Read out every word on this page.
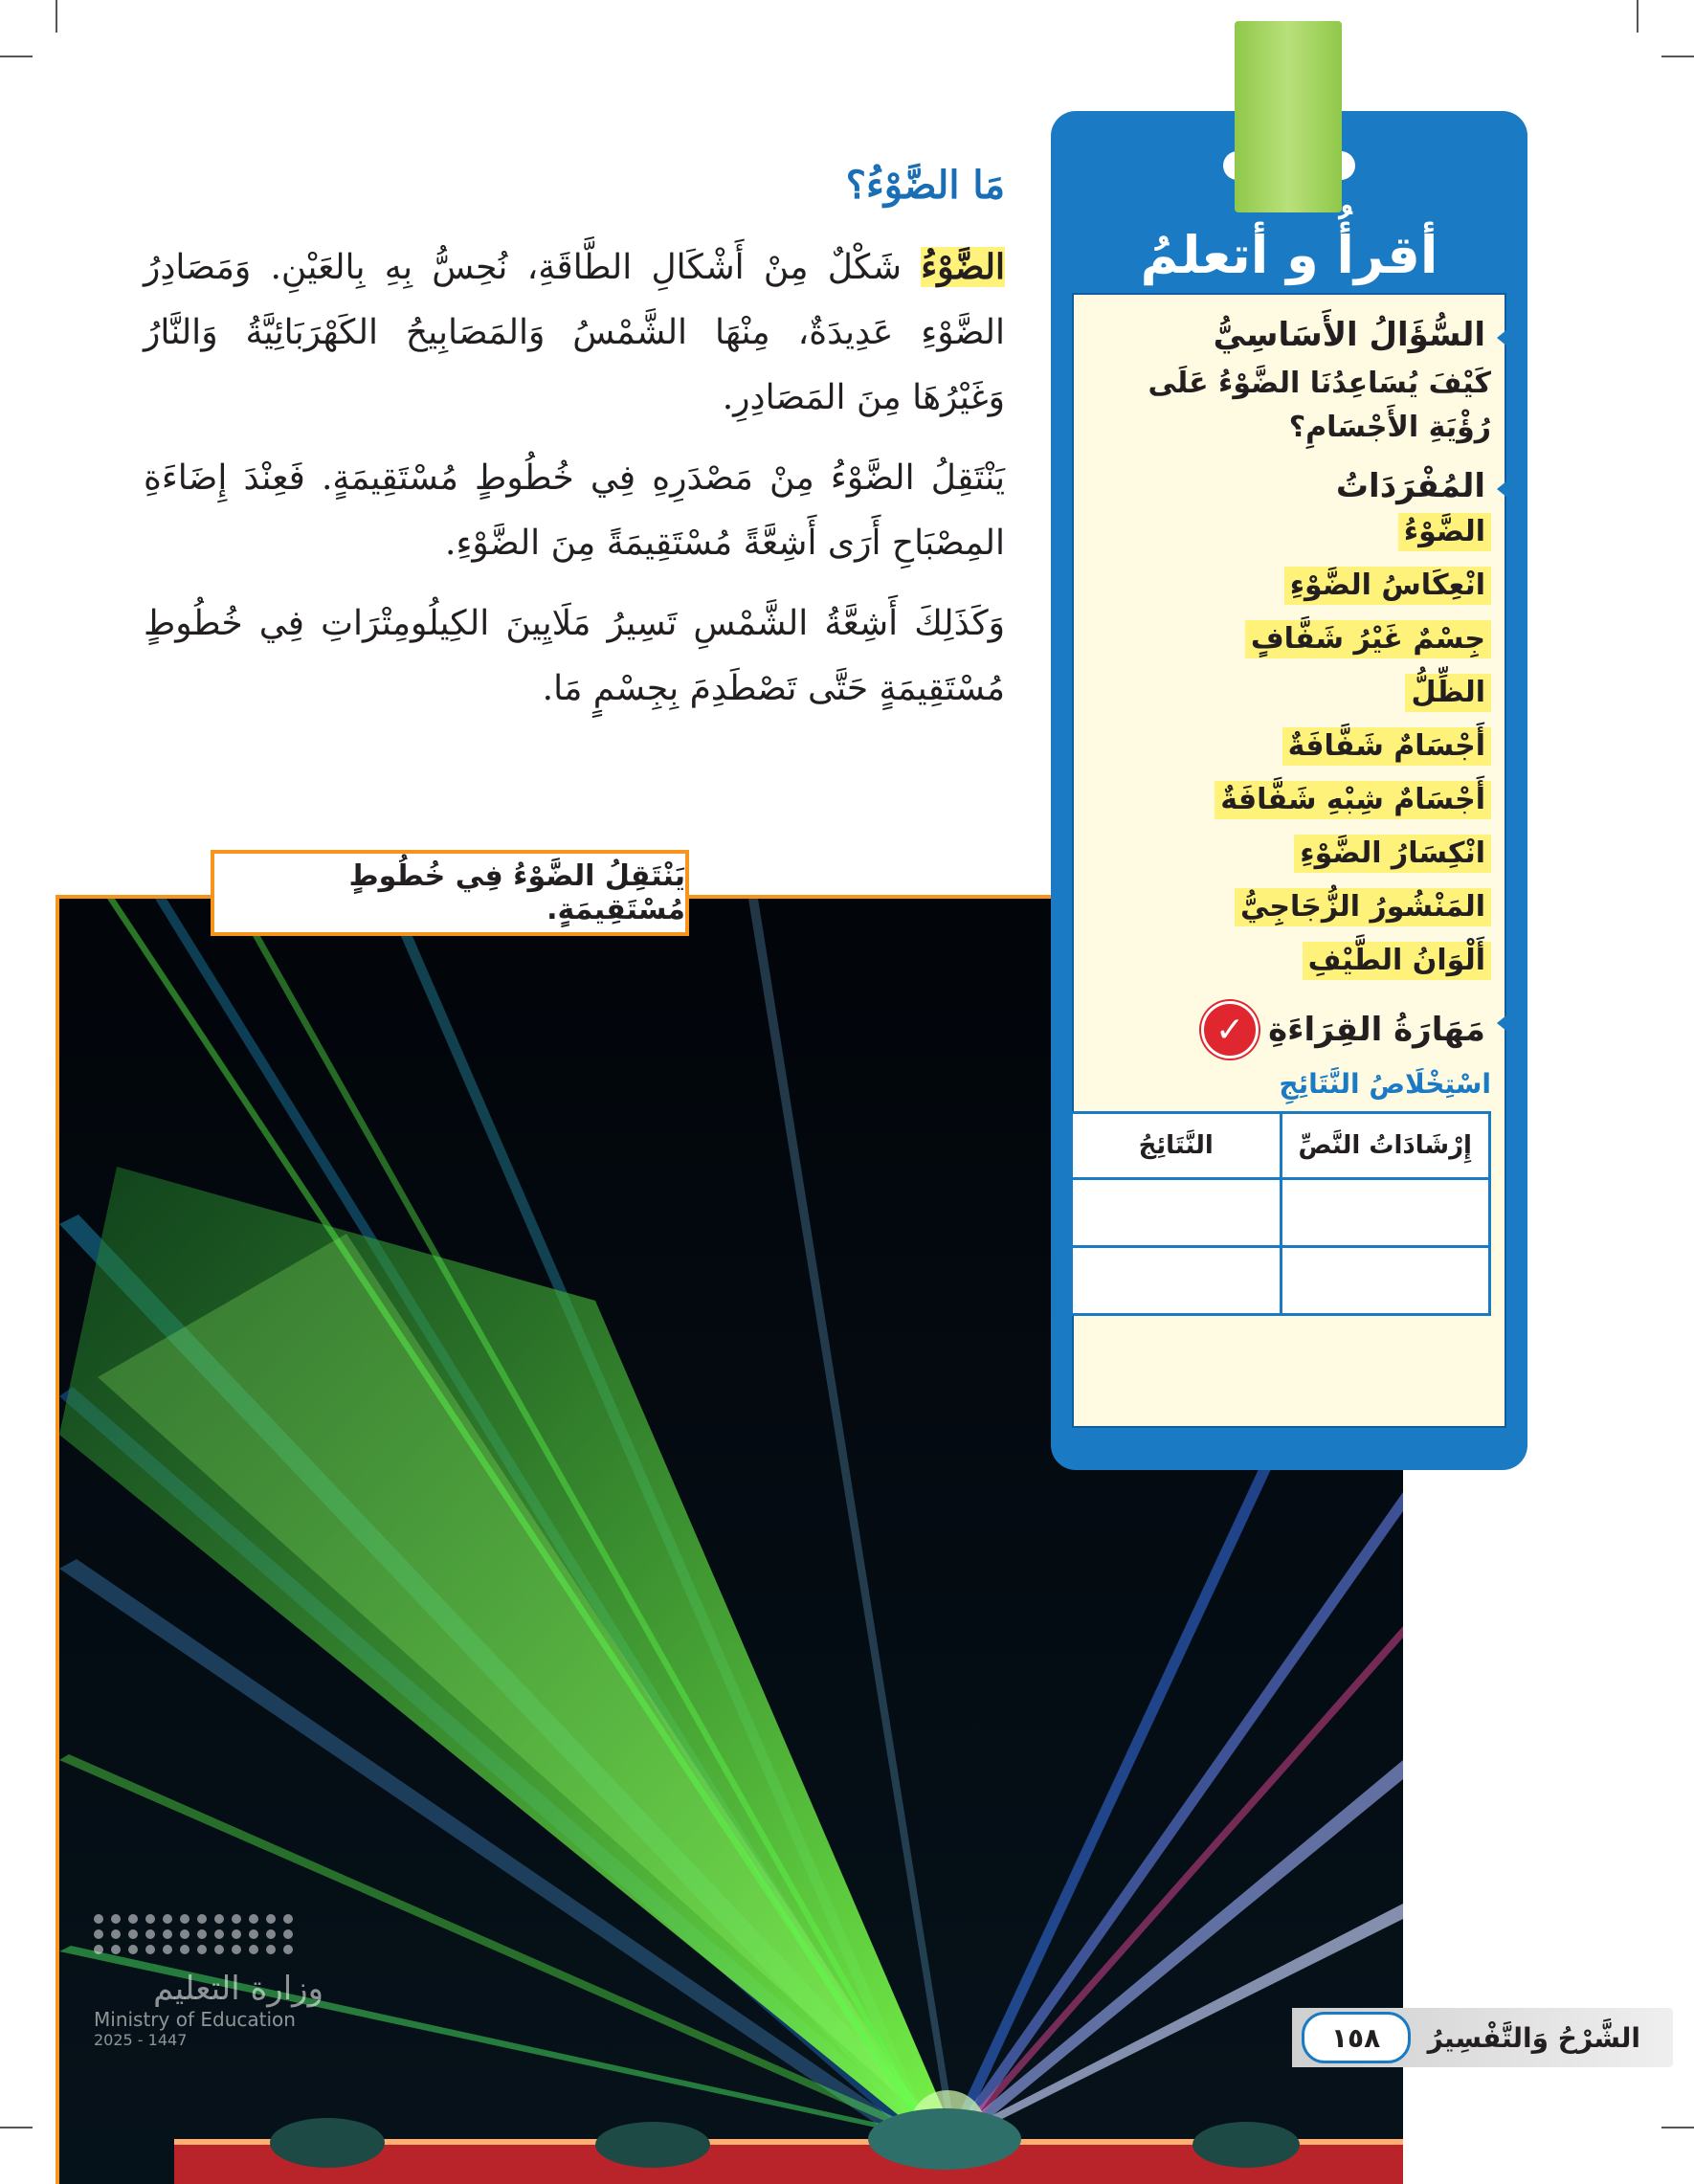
مَا الضَّوْءُ؟

الضَّوْءُ شَكْلٌ مِنْ أَشْكَالِ الطَّاقَةِ، نُحِسُّ بِهِ بِالعَيْنِ. وَمَصَادِرُ الضَّوْءِ عَدِيدَةٌ، مِنْهَا الشَّمْسُ وَالمَصَابِيحُ الكَهْرَبَائِيَّةُ وَالنَّارُ وَغَيْرُهَا مِنَ المَصَادِرِ.

يَنْتَقِلُ الضَّوْءُ مِنْ مَصْدَرِهِ فِي خُطُوطٍ مُسْتَقِيمَةٍ. فَعِنْدَ إِضَاءَةِ المِصْبَاحِ أَرَى أَشِعَّةً مُسْتَقِيمَةً مِنَ الضَّوْءِ.

وَكَذَلِكَ أَشِعَّةُ الشَّمْسِ تَسِيرُ مَلَايِينَ الكِيلُومِتْرَاتِ فِي خُطُوطٍ مُسْتَقِيمَةٍ حَتَّى تَصْطَدِمَ بِجِسْمٍ مَا.

يَنْتَقِلُ الضَّوْءُ فِي خُطُوطٍ مُسْتَقِيمَةٍ.
وزارة التعليم
Ministry of Education
2025 - 1447
أقرأُ و أتعلمُ
السُّؤَالُ الأَسَاسِيُّ
كَيْفَ يُسَاعِدُنَا الضَّوْءُ عَلَى رُؤْيَةِ الأَجْسَامِ؟
المُفْرَدَاتُ
الضَّوْءُ
انْعِكَاسُ الضَّوْءِ
جِسْمٌ غَيْرُ شَفَّافٍ
الظِّلُّ
أَجْسَامٌ شَفَّافَةٌ
أَجْسَامٌ شِبْهِ شَفَّافَةٌ
انْكِسَارُ الضَّوْءِ
المَنْشُورُ الزُّجَاجِيُّ
أَلْوَانُ الطَّيْفِ
مَهَارَةُ القِرَاءَةِ
✓
اسْتِخْلَاصُ النَّتَائِجِ
إِرْشَادَاتُ النَّصِّ	النَّتَائِجُ

الشَّرْحُ وَالتَّفْسِيرُ
١٥٨
